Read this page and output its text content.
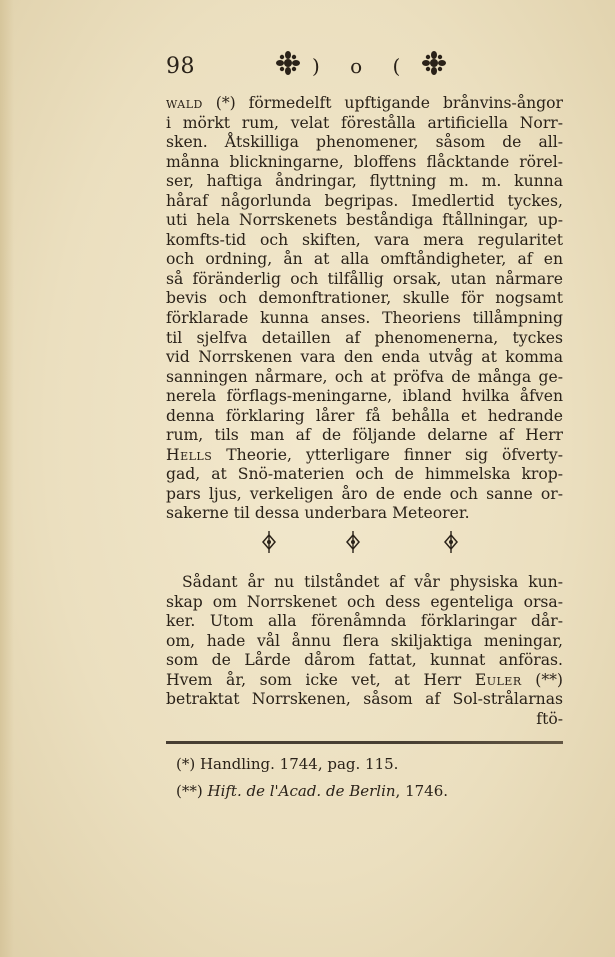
98	) o (
wald (*) förmedelft upftigande brånvins-ångor
i mörkt rum, velat förestålla artificiella Norr-
sken. Åtskilliga phenomener, såsom de all-
månna blickningarne, bloffens flåcktande rörel-
ser, haftiga åndringar, flyttning m. m. kunna
håraf någorlunda begripas. Imedlertid tyckes,
uti hela Norrskenets beståndiga ftållningar, up-
komfts-tid och skiften, vara mera regularitet
och ordning, ån at alla omftåndigheter, af en
så föränderlig och tilfållig orsak, utan nårmare
bevis och demonftrationer, skulle för nogsamt
förklarade kunna anses. Theoriens tillåmpning
til sjelfva detaillen af phenomenerna, tyckes
vid Norrskenen vara den enda utvåg at komma
sanningen nårmare, och at pröfva de många ge-
nerela förflags-meningarne, ibland hvilka åfven
denna förklaring lårer få behålla et hedrande
rum, tils man af de följande delarne af Herr
Hells Theorie, ytterligare finner sig öfverty-
gad, at Snö-materien och de himmelska krop-
pars ljus, verkeligen åro de ende och sanne or-
sakerne til dessa underbara Meteorer.
Sådant år nu tilståndet af vår physiska kun-
skap om Norrskenet och dess egenteliga orsa-
ker. Utom alla förenåmnda förklaringar dår-
om, hade vål ånnu flera skiljaktiga meningar,
som de Lårde dårom fattat, kunnat anföras.
Hvem år, som icke vet, at Herr Euler (**)
betraktat Norrskenen, såsom af Sol-strålarnas
ftö-
(*) Handling. 1744, pag. 115.
(**) Hift. de l'Acad. de Berlin, 1746.
